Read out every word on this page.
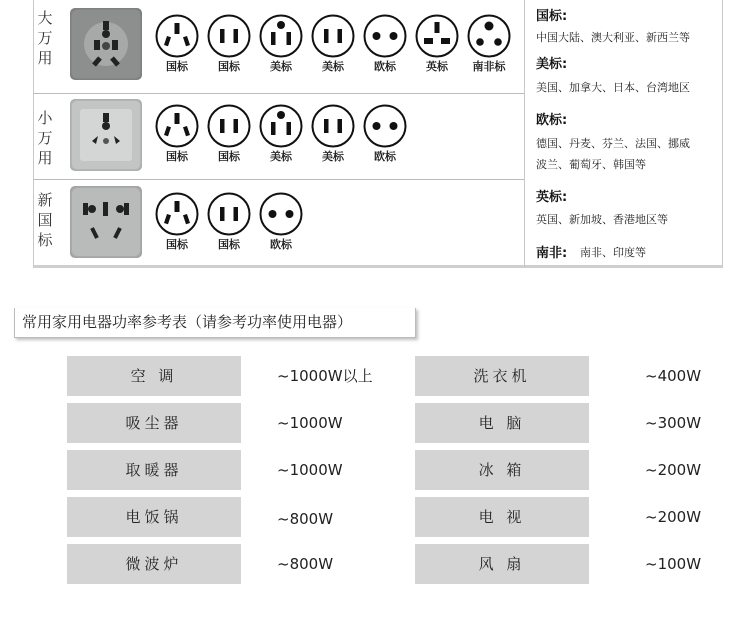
大
万
用	国标	国标	美标	美标	欧标	英标	南非标
小
万
用	国标	国标	美标	美标	欧标
新
国
标	国标	国标	欧标
国标:
中国大陆、澳大利亚、新西兰等
美标:
美国、加拿大、日本、台湾地区
欧标:
德国、丹麦、芬兰、法国、挪威
波兰、葡萄牙、韩国等
英标:
英国、新加坡、香港地区等
南非: 南非、印度等
常用家用电器功率参考表（请参考功率使用电器）
空 调	~1000W以上	洗衣机	~400W
吸尘器	~1000W	电 脑	~300W
取暖器	~1000W	冰 箱	~200W
电饭锅	~800W	电 视	~200W
微波炉	~800W	风 扇	~100W
